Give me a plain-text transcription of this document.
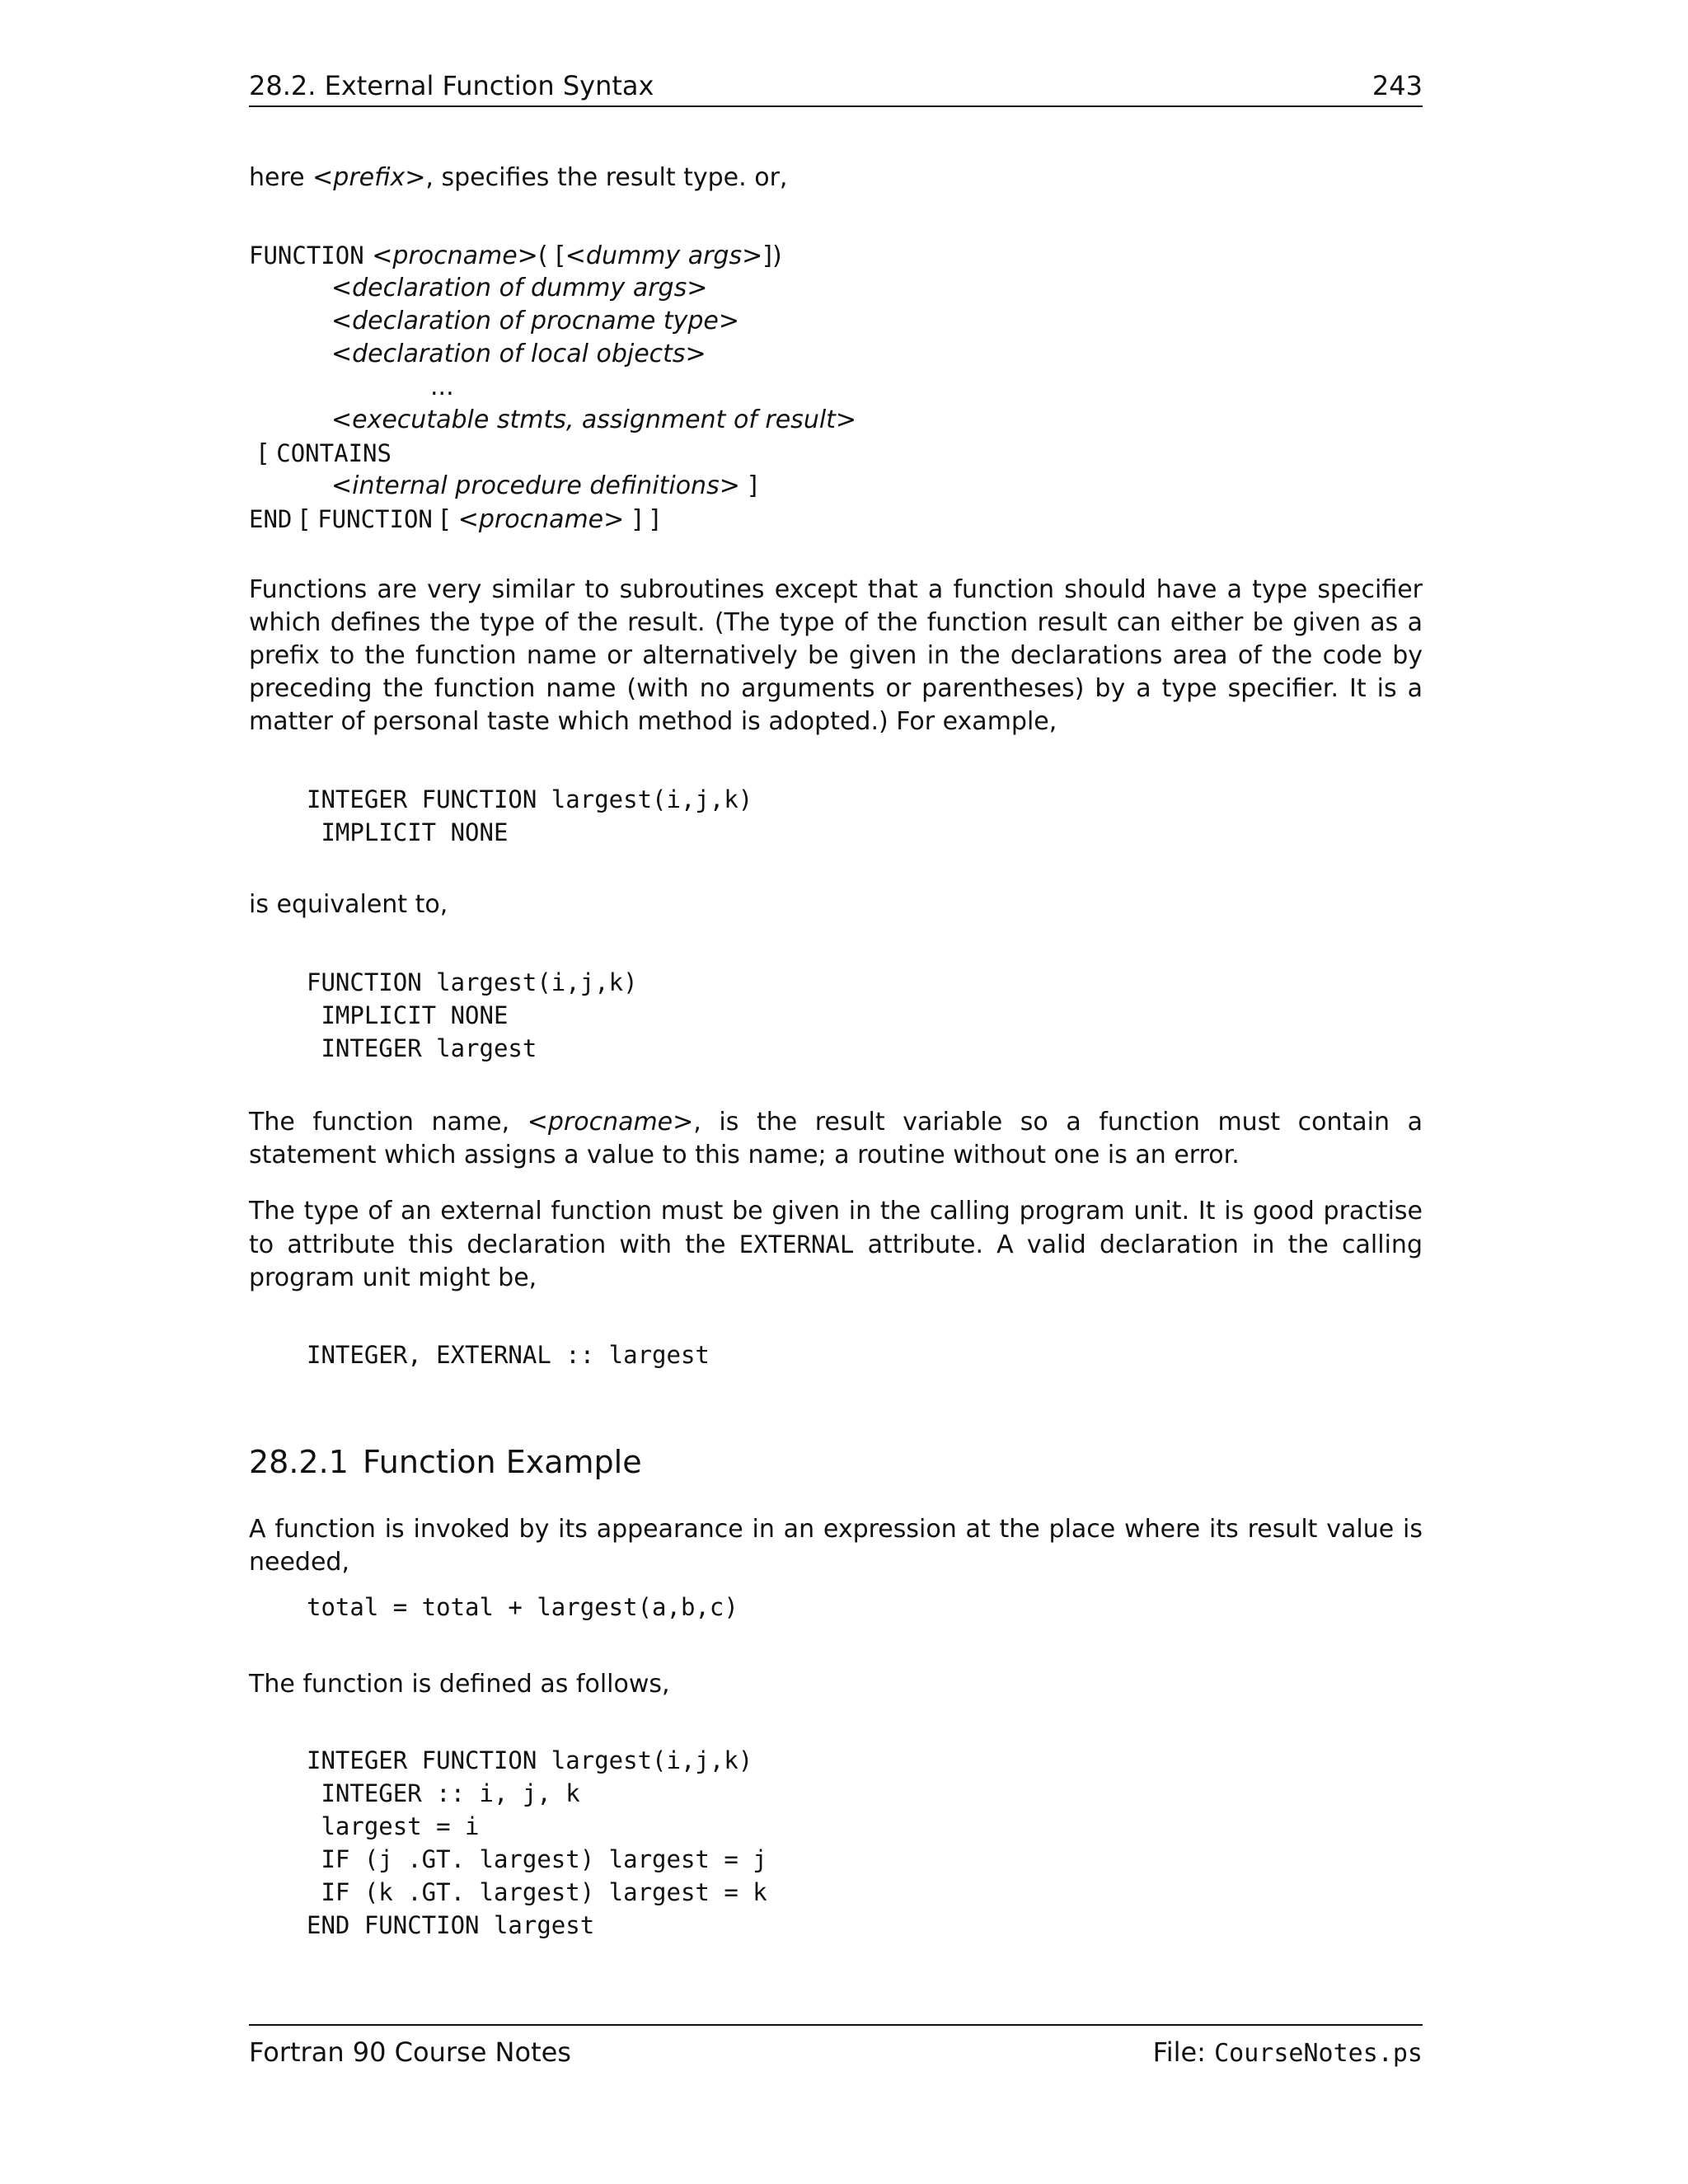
28.2. External Function Syntax	243
here <prefix>, specifies the result type. or,
FUNCTION <procname>( [<dummy args>])
<declaration of dummy args>
<declaration of procname type>
<declaration of local objects>
...
<executable stmts, assignment of result>
[ CONTAINS
<internal procedure definitions> ]
END [ FUNCTION [ <procname> ] ]
Functions are very similar to subroutines except that a function should have a type specifier which defines the type of the result. (The type of the function result can either be given as a prefix to the function name or alternatively be given in the declarations area of the code by preceding the function name (with no arguments or parentheses) by a type specifier. It is a matter of personal taste which method is adopted.) For example,
INTEGER FUNCTION largest(i,j,k)
IMPLICIT NONE
is equivalent to,
FUNCTION largest(i,j,k)
IMPLICIT NONE
INTEGER largest
The function name, <procname>, is the result variable so a function must contain a statement which assigns a value to this name; a routine without one is an error.
The type of an external function must be given in the calling program unit. It is good practise to attribute this declaration with the EXTERNAL attribute. A valid declaration in the calling program unit might be,
INTEGER, EXTERNAL :: largest
28.2.1 Function Example
A function is invoked by its appearance in an expression at the place where its result value is needed,
total = total + largest(a,b,c)
The function is defined as follows,
INTEGER FUNCTION largest(i,j,k)
INTEGER :: i, j, k
largest = i
IF (j .GT. largest) largest = j
IF (k .GT. largest) largest = k
END FUNCTION largest
Fortran 90 Course Notes	File: CourseNotes.ps
